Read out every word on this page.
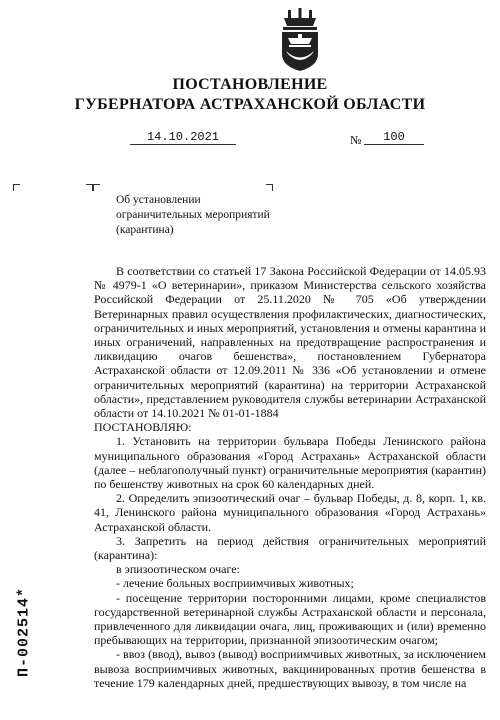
ПОСТАНОВЛЕНИЕ
ГУБЕРНАТОРА АСТРАХАНСКОЙ ОБЛАСТИ
14.10.2021	№	100
Об установлении ограничительных мероприятий (карантина)

В соответствии со статьей 17 Закона Российской Федерации от 14.05.93 № 4979-1 «О ветеринарии», приказом Министерства сельского хозяйства Российской Федерации от 25.11.2020 № 705 «Об утверждении Ветеринарных правил осуществления профилактических, диагностических, ограничительных и иных мероприятий, установления и отмены карантина и иных ограничений, направленных на предотвращение распространения и ликвидацию очагов бешенства», постановлением Губернатора Астраханской области от 12.09.2011 № 336 «Об установлении и отмене ограничительных мероприятий (карантина) на территории Астраханской области», представлением руководителя службы ветеринарии Астраханской области от 14.10.2021 № 01-01-1884

ПОСТАНОВЛЯЮ:

1. Установить на территории бульвара Победы Ленинского района муниципального образования «Город Астрахань» Астраханской области (далее – неблагополучный пункт) ограничительные мероприятия (карантин) по бешенству животных на срок 60 календарных дней.

2. Определить эпизоотический очаг – бульвар Победы, д. 8, корп. 1, кв. 41, Ленинского района муниципального образования «Город Астрахань» Астраханской области.

3. Запретить на период действия ограничительных мероприятий (карантина):

в эпизоотическом очаге:

- лечение больных восприимчивых животных;

- посещение территории посторонними лицами, кроме специалистов государственной ветеринарной службы Астраханской области и персонала, привлеченного для ликвидации очага, лиц, проживающих и (или) временно пребывающих на территории, признанной эпизоотическим очагом;

- ввоз (ввод), вывоз (вывод) восприимчивых животных, за исключением вывоза восприимчивых животных, вакцинированных против бешенства в течение 179 календарных дней, предшествующих вывозу, в том числе на

П-002514*
